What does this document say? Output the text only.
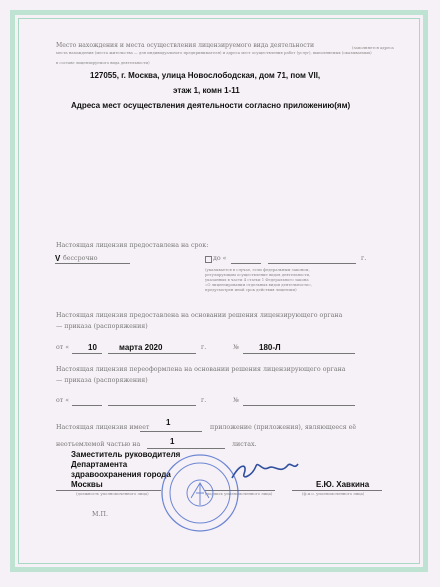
Место нахождения и места осуществления лицензируемого вида деятельности	(заполняется адреса
места нахождения (места жительства — для индивидуального предпринимателя) и адреса мест осуществления работ (услуг), выполняемых (оказываемых)
в составе лицензируемого вида деятельности)
127055, г. Москва, улица Новослободская, дом 71, пом VII,
этаж 1, комн 1-11
Адреса мест осуществления деятельности согласно приложению(ям)
Настоящая лицензия предоставлена на срок:
V бессрочно	до «	г.
(указывается в случае, если федеральным законом,
регулирующим осуществление видов деятельности,
указанных в части 4 статьи 1 Федерального закона
«О лицензировании отдельных видов деятельности»,
предусмотрен иной срок действия лицензии)
Настоящая лицензия предоставлена на основании решения лицензирующего органа
— приказа (распоряжения)
от « 10	марта 2020	г.	№	180-Л
Настоящая лицензия переоформлена на основании решения лицензирующего органа
— приказа (распоряжения)
от «	г.	№
Настоящая лицензия имеет
1
приложение (приложения), являющееся её
неотъемлемой частью на	1	листах.
Заместитель руководителя
Департамента
здравоохранения города
Москвы	Е.Ю. Хавкина
(должность уполномоченного лица)	(подпись уполномоченного лица)	(ф.и.о. уполномоченного лица)
М.П.
